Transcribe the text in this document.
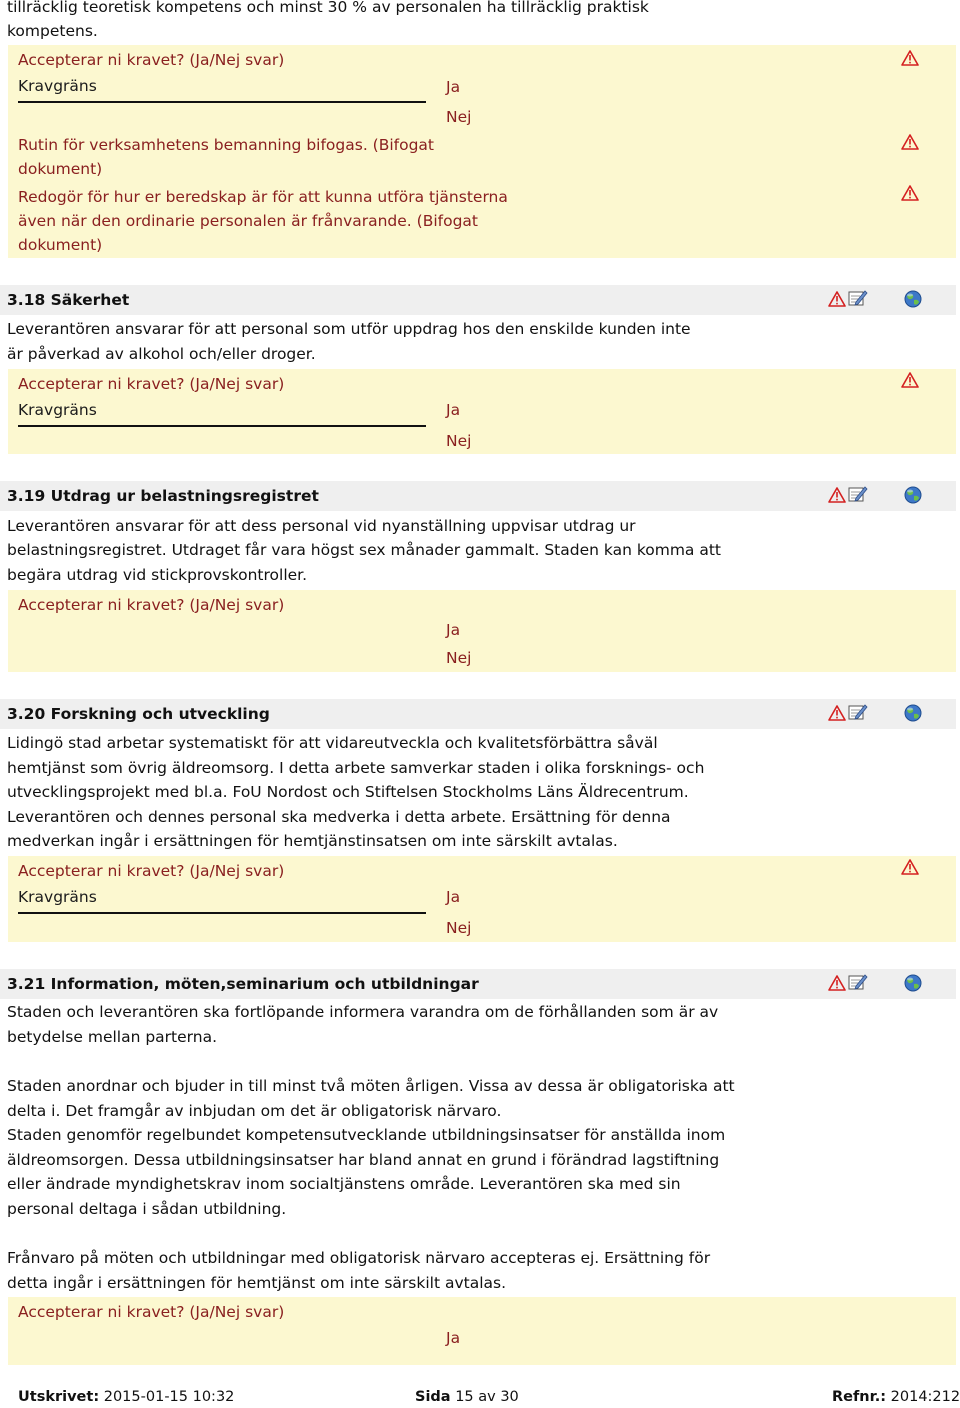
tillräcklig teoretisk kompetens och minst 30 % av personalen ha tillräcklig praktisk
kompetens.
Accepterar ni kravet? (Ja/Nej svar)
Kravgräns	Ja
Nej
Rutin för verksamhetens bemanning bifogas. (Bifogat
dokument)
Redogör för hur er beredskap är för att kunna utföra tjänsterna
även när den ordinarie personalen är frånvarande. (Bifogat
dokument)
3.18 Säkerhet
Leverantören ansvarar för att personal som utför uppdrag hos den enskilde kunden inte
är påverkad av alkohol och/eller droger.
Accepterar ni kravet? (Ja/Nej svar)
Kravgräns	Ja
Nej
3.19 Utdrag ur belastningsregistret
Leverantören ansvarar för att dess personal vid nyanställning uppvisar utdrag ur
belastningsregistret. Utdraget får vara högst sex månader gammalt. Staden kan komma att
begära utdrag vid stickprovskontroller.
Accepterar ni kravet? (Ja/Nej svar)
Ja
Nej
3.20 Forskning och utveckling
Lidingö stad arbetar systematiskt för att vidareutveckla och kvalitetsförbättra såväl
hemtjänst som övrig äldreomsorg. I detta arbete samverkar staden i olika forsknings- och
utvecklingsprojekt med bl.a. FoU Nordost och Stiftelsen Stockholms Läns Äldrecentrum.
Leverantören och dennes personal ska medverka i detta arbete. Ersättning för denna
medverkan ingår i ersättningen för hemtjänstinsatsen om inte särskilt avtalas.
Accepterar ni kravet? (Ja/Nej svar)
Kravgräns	Ja
Nej
3.21 Information, möten,seminarium och utbildningar
Staden och leverantören ska fortlöpande informera varandra om de förhållanden som är av
betydelse mellan parterna.
Staden anordnar och bjuder in till minst två möten årligen. Vissa av dessa är obligatoriska att
delta i. Det framgår av inbjudan om det är obligatorisk närvaro.
Staden genomför regelbundet kompetensutvecklande utbildningsinsatser för anställda inom
äldreomsorgen. Dessa utbildningsinsatser har bland annat en grund i förändrad lagstiftning
eller ändrade myndighetskrav inom socialtjänstens område. Leverantören ska med sin
personal deltaga i sådan utbildning.
Frånvaro på möten och utbildningar med obligatorisk närvaro accepteras ej. Ersättning för
detta ingår i ersättningen för hemtjänst om inte särskilt avtalas.
Accepterar ni kravet? (Ja/Nej svar)
Ja
Utskrivet: 2015-01-15 10:32	Sida 15 av 30	Refnr.: 2014:212
